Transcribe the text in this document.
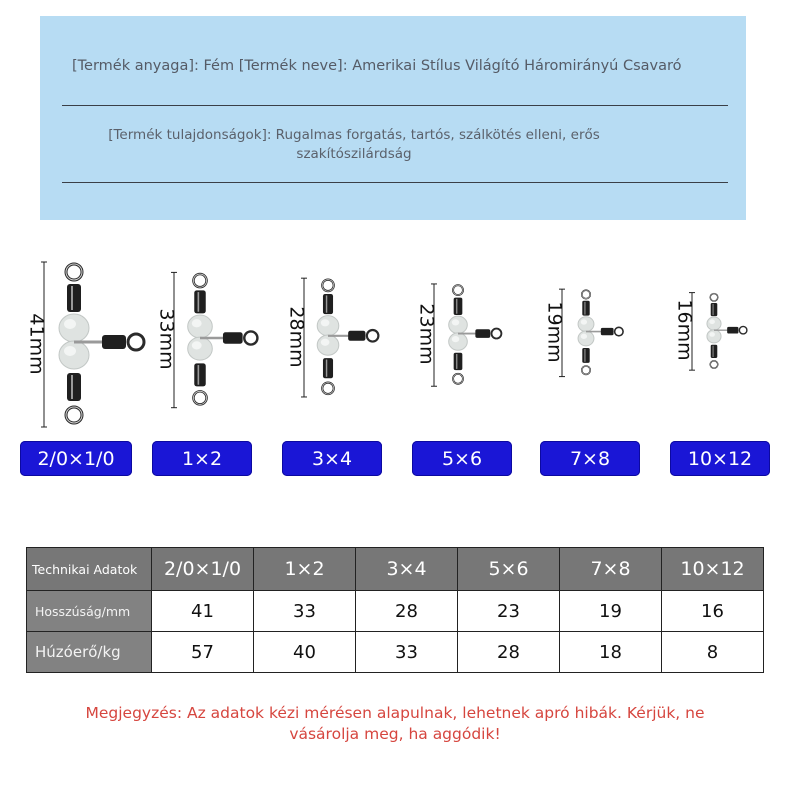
[Termék anyaga]: Fém [Termék neve]: Amerikai Stílus Világító Háromirányú Csavaró
[Termék tulajdonságok]: Rugalmas forgatás, tartós, szálkötés elleni, erős szakítószilárdság
41mm
2/0×1/0
33mm
1×2
28mm
3×4
23mm
5×6
19mm
7×8
16mm
10×12
Technikai Adatok	2/0×1/0	1×2	3×4	5×6	7×8	10×12
Hosszúság/mm	41	33	28	23	19	16
Húzóerő/kg	57	40	33	28	18	8
Megjegyzés: Az adatok kézi mérésen alapulnak, lehetnek apró hibák. Kérjük, ne vásárolja meg, ha aggódik!
